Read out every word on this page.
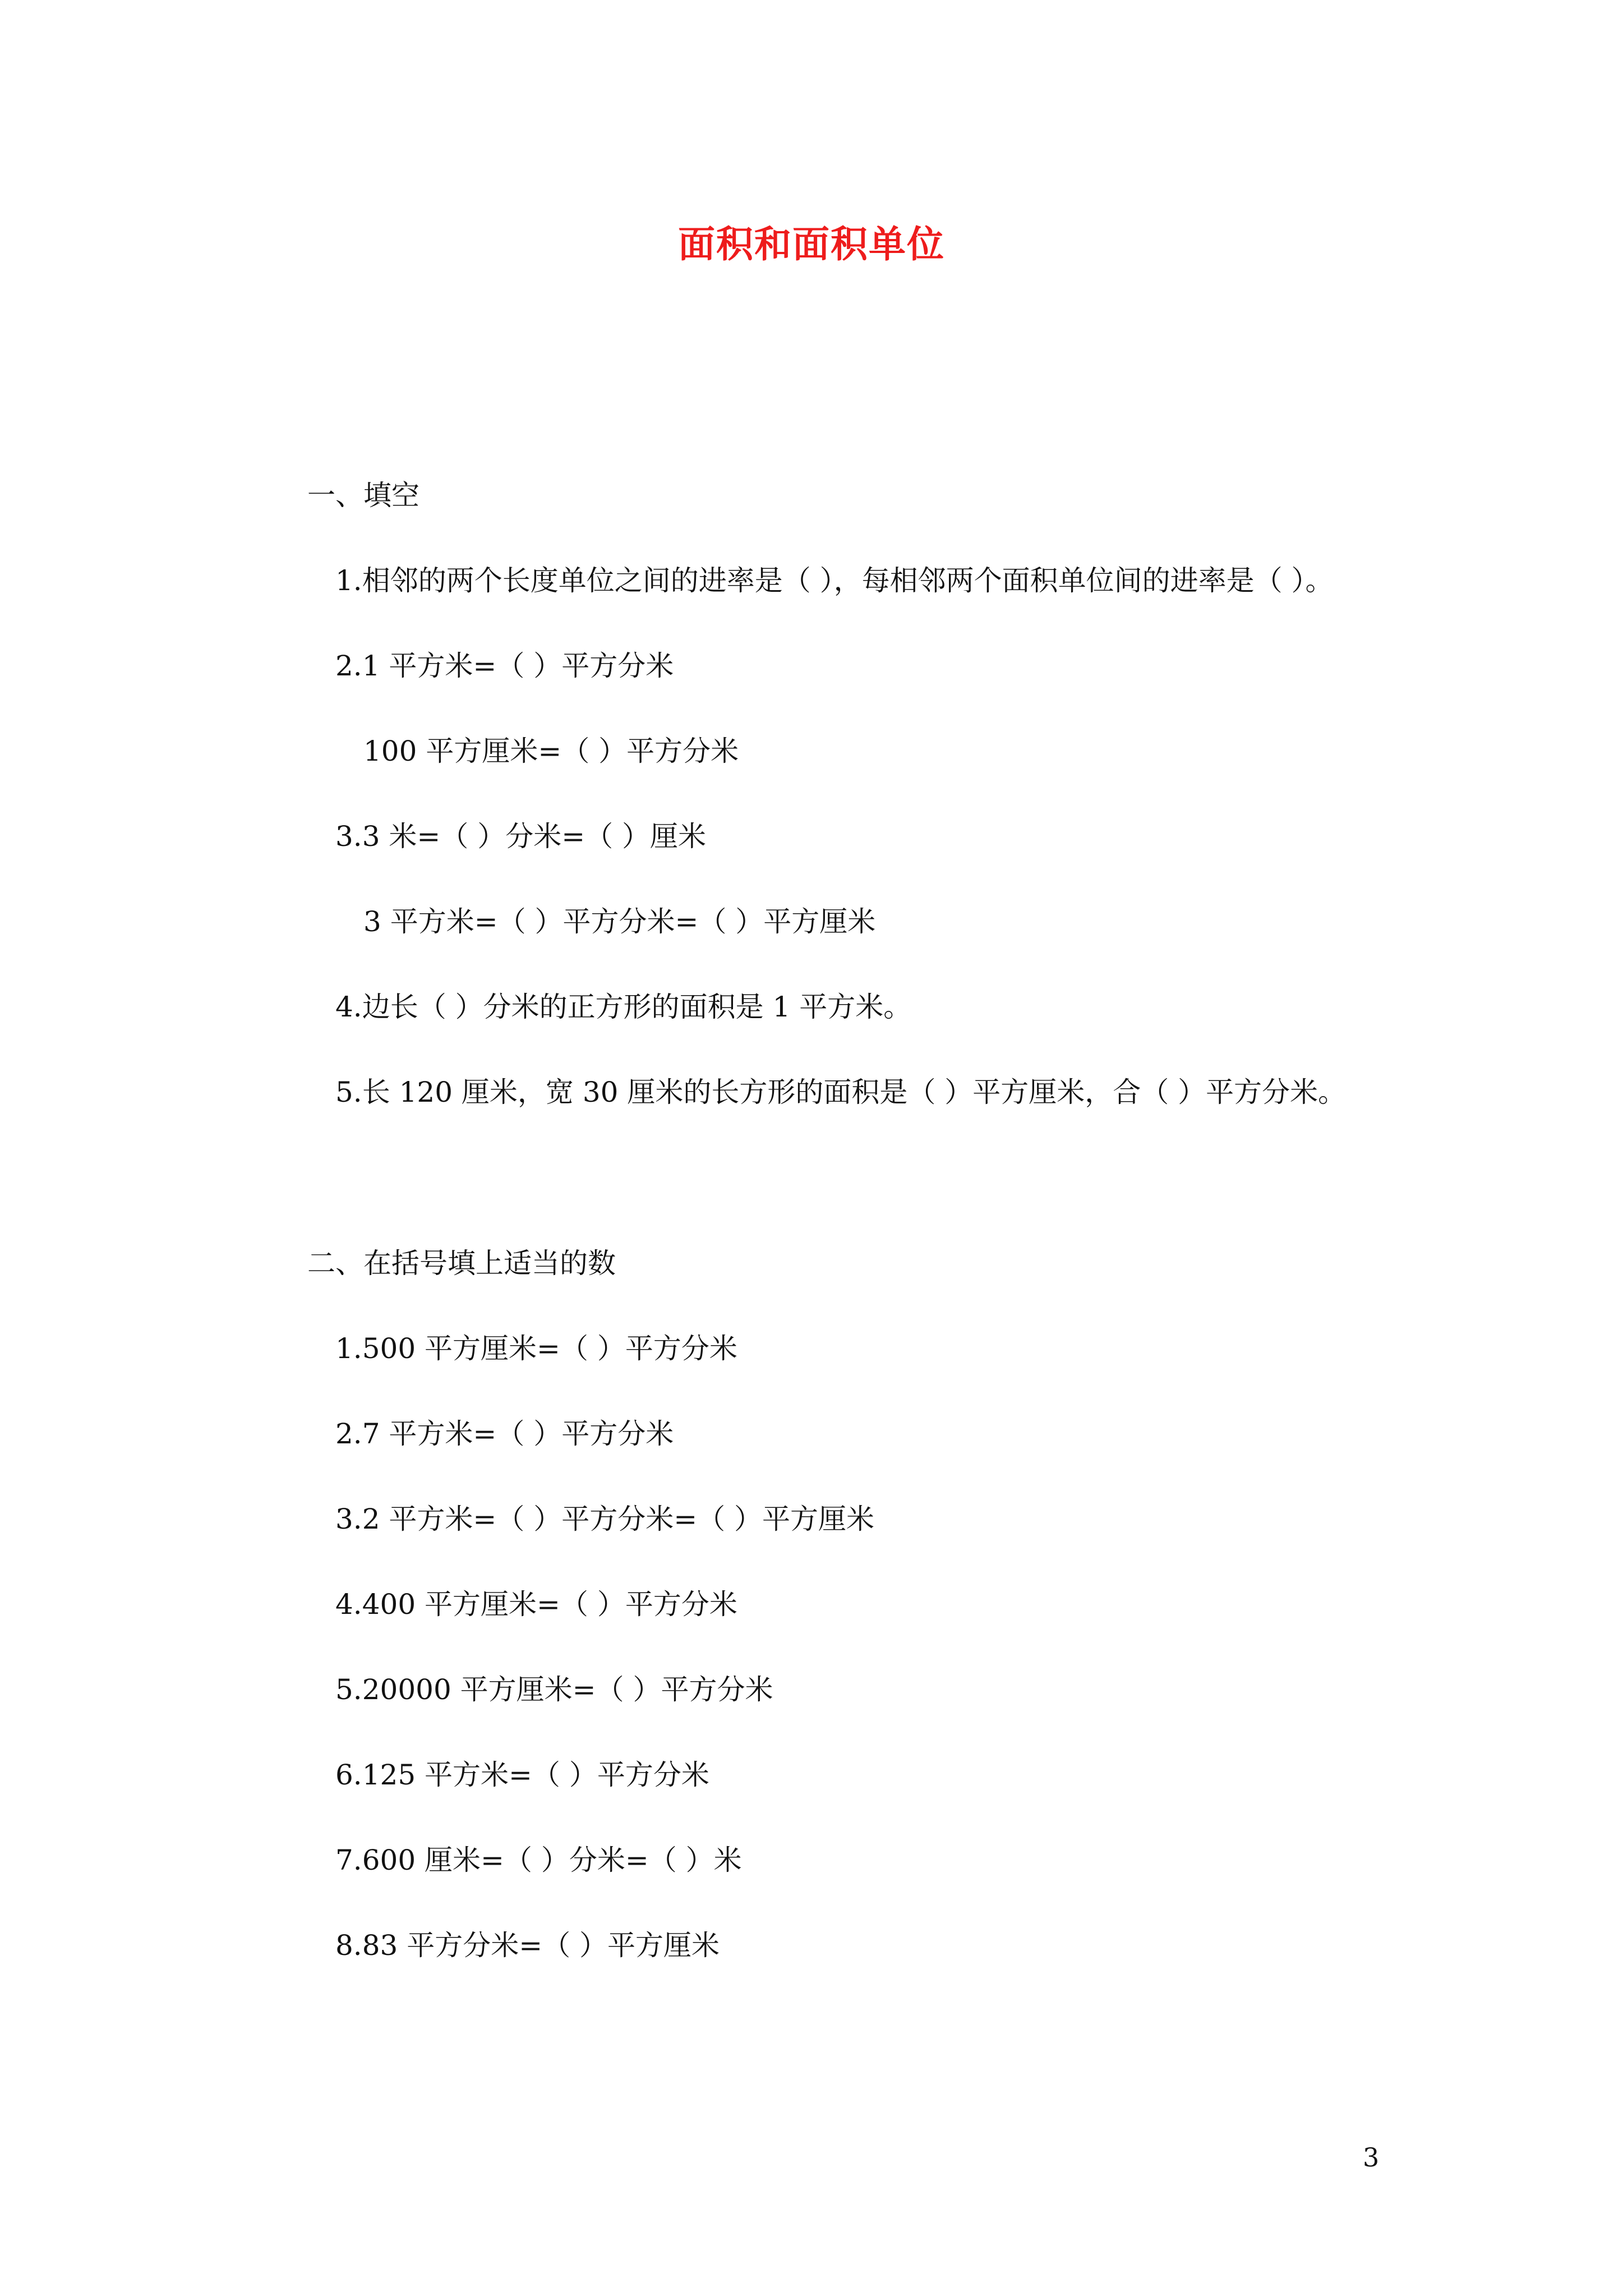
面积和面积单位
一、填空
1.相邻的两个长度单位之间的进率是（ ），每相邻两个面积单位间的进率是（ ）。
2.1 平方米=（ ）平方分米
100 平方厘米=（ ）平方分米
3.3 米=（ ）分米=（ ）厘米
3 平方米=（ ）平方分米=（ ）平方厘米
4.边长（ ）分米的正方形的面积是 1 平方米。
5.长 120 厘米，宽 30 厘米的长方形的面积是（ ）平方厘米，合（ ）平方分米。
二、在括号填上适当的数
1.500 平方厘米=（ ）平方分米
2.7 平方米=（ ）平方分米
3.2 平方米=（ ）平方分米=（ ）平方厘米
4.400 平方厘米=（ ）平方分米
5.20000 平方厘米=（ ）平方分米
6.125 平方米=（ ）平方分米
7.600 厘米=（ ）分米=（ ）米
8.83 平方分米=（ ）平方厘米
3
